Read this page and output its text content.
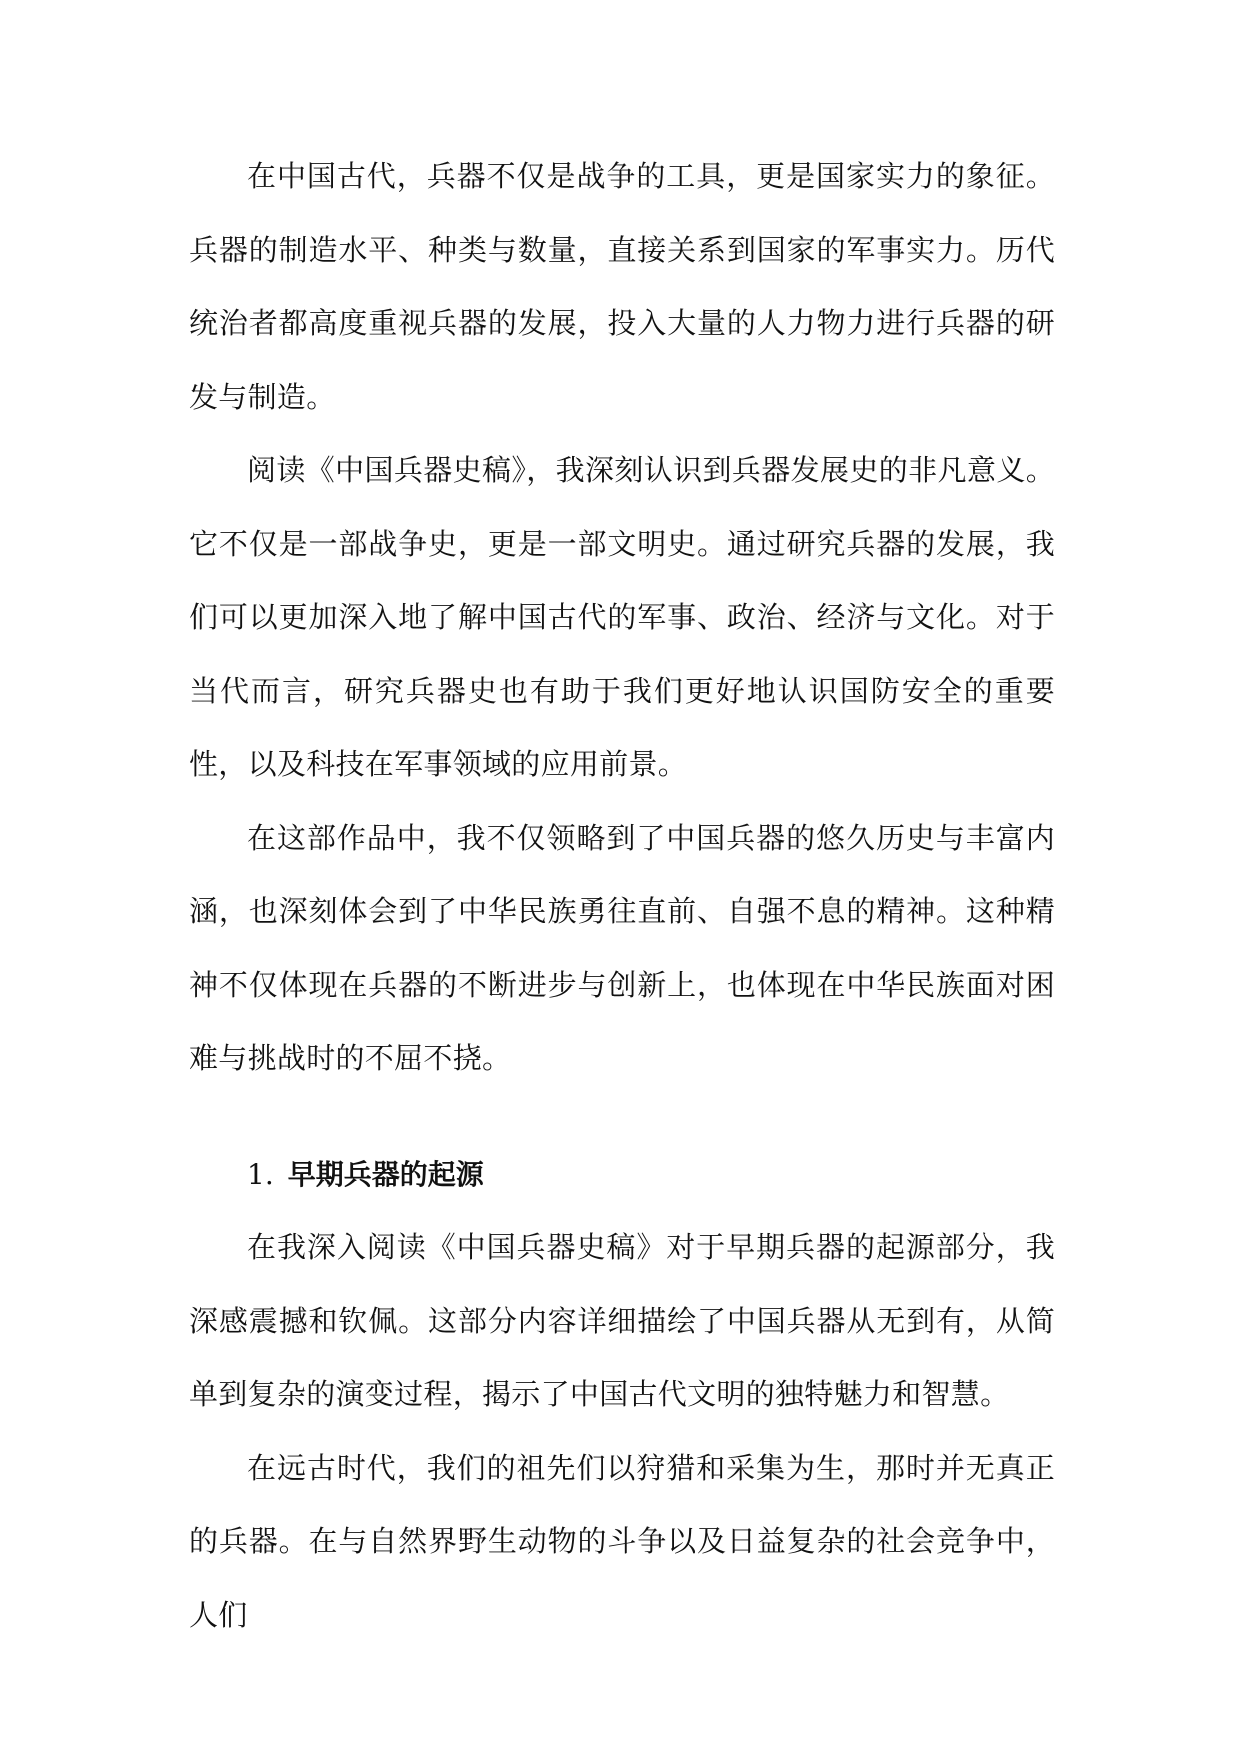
在中国古代，兵器不仅是战争的工具，更是国家实力的象征。兵器的制造水平、种类与数量，直接关系到国家的军事实力。历代统治者都高度重视兵器的发展，投入大量的人力物力进行兵器的研发与制造。

阅读《中国兵器史稿》，我深刻认识到兵器发展史的非凡意义。它不仅是一部战争史，更是一部文明史。通过研究兵器的发展，我们可以更加深入地了解中国古代的军事、政治、经济与文化。对于当代而言，研究兵器史也有助于我们更好地认识国防安全的重要性，以及科技在军事领域的应用前景。

在这部作品中，我不仅领略到了中国兵器的悠久历史与丰富内涵，也深刻体会到了中华民族勇往直前、自强不息的精神。这种精神不仅体现在兵器的不断进步与创新上，也体现在中华民族面对困难与挑战时的不屈不挠。

1. 早期兵器的起源

在我深入阅读《中国兵器史稿》对于早期兵器的起源部分，我深感震撼和钦佩。这部分内容详细描绘了中国兵器从无到有，从简单到复杂的演变过程，揭示了中国古代文明的独特魅力和智慧。

在远古时代，我们的祖先们以狩猎和采集为生，那时并无真正的兵器。在与自然界野生动物的斗争以及日益复杂的社会竞争中，人们
